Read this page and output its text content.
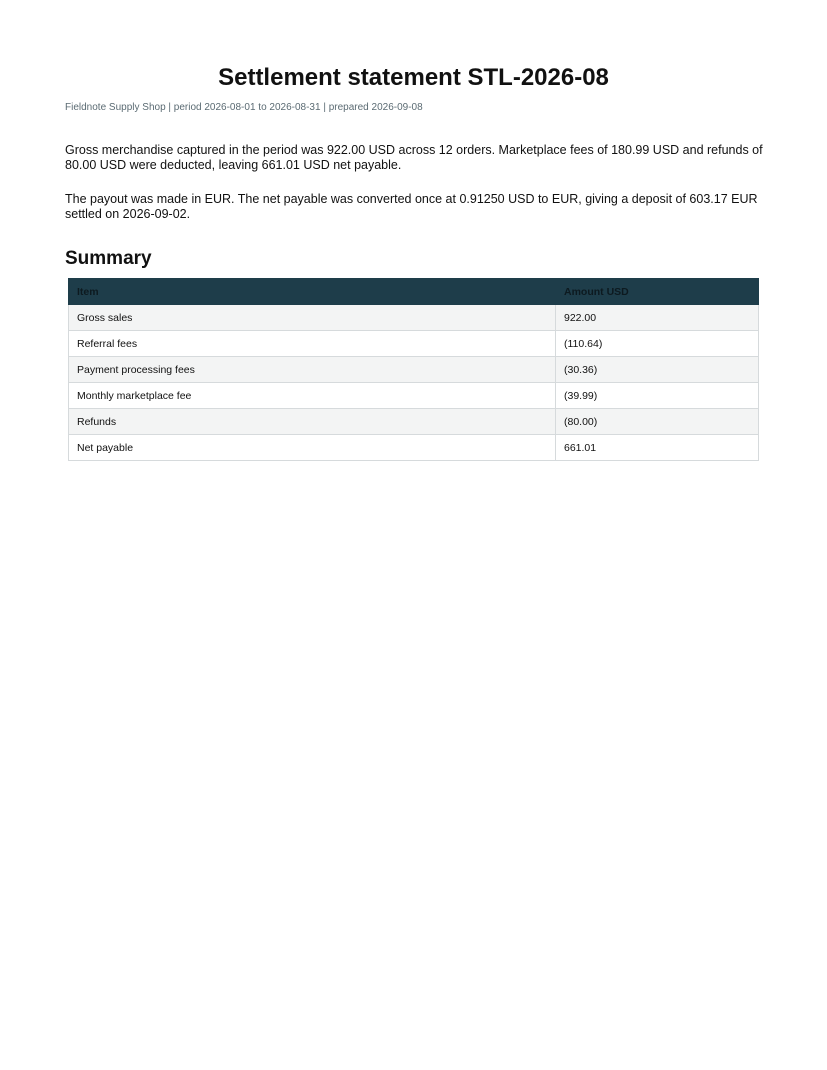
Settlement statement STL-2026-08

Fieldnote Supply Shop | period 2026-08-01 to 2026-08-31 | prepared 2026-09-08

Gross merchandise captured in the period was 922.00 USD across 12 orders. Marketplace fees of 180.99 USD and refunds of 80.00 USD were deducted, leaving 661.01 USD net payable.

The payout was made in EUR. The net payable was converted once at 0.91250 USD to EUR, giving a deposit of 603.17 EUR settled on 2026-09-02.

Summary
Item	Amount USD
Gross sales	922.00
Referral fees	(110.64)
Payment processing fees	(30.36)
Monthly marketplace fee	(39.99)
Refunds	(80.00)
Net payable	661.01
